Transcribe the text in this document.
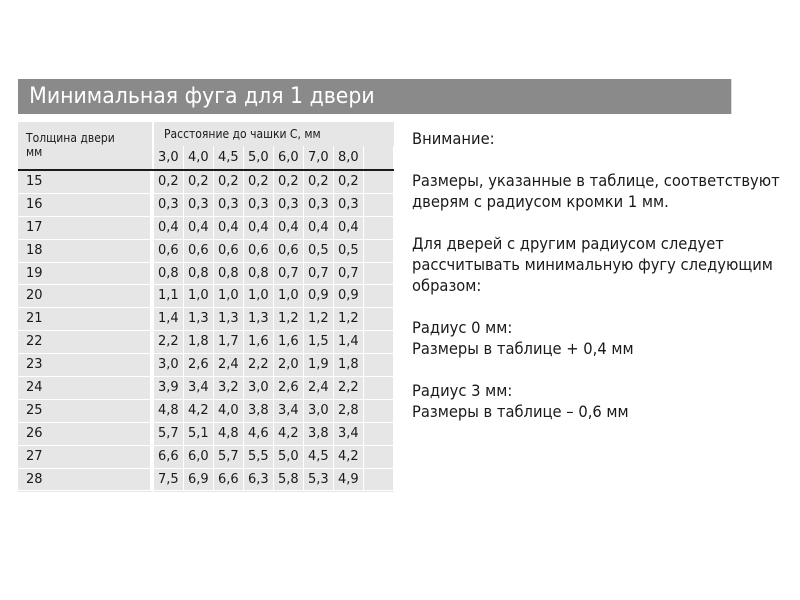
Минимальная фуга для 1 двери
Толщина двери
мм
Расстояние до чашки С, мм
3,0 4,0 4,5 5,0 6,0 7,0 8,0
15	0,2 0,2 0,2 0,2 0,2 0,2 0,2
16	0,3 0,3 0,3 0,3 0,3 0,3 0,3
17	0,4 0,4 0,4 0,4 0,4 0,4 0,4
18	0,6 0,6 0,6 0,6 0,6 0,5 0,5
19	0,8 0,8 0,8 0,8 0,7 0,7 0,7
20	1,1 1,0 1,0 1,0 1,0 0,9 0,9
21	1,4 1,3 1,3 1,3 1,2 1,2 1,2
22	2,2 1,8 1,7 1,6 1,6 1,5 1,4
23	3,0 2,6 2,4 2,2 2,0 1,9 1,8
24	3,9 3,4 3,2 3,0 2,6 2,4 2,2
25	4,8 4,2 4,0 3,8 3,4 3,0 2,8
26	5,7 5,1 4,8 4,6 4,2 3,8 3,4
27	6,6 6,0 5,7 5,5 5,0 4,5 4,2
28	7,5 6,9 6,6 6,3 5,8 5,3 4,9

Внимание:

Размеры, указанные в таблице, соответствуют

дверям с радиусом кромки 1 мм.

Для дверей с другим радиусом следует

рассчитывать минимальную фугу следующим

образом:

Радиус 0 мм:

Размеры в таблице + 0,4 мм

Радиус 3 мм:

Размеры в таблице – 0,6 мм
